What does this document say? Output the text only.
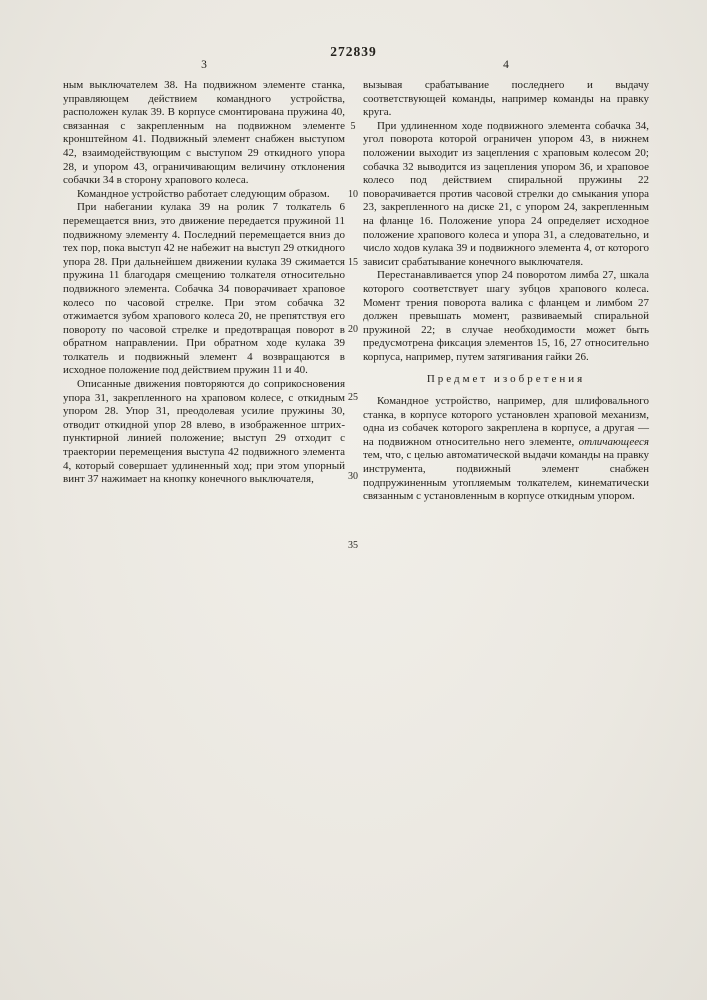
272839
3	4

ным выключателем 38. На подвижном элементе станка, управляющем действием командного устройства, расположен кулак 39. В корпусе смонтирована пружина 40, связанная с закрепленным на подвижном элементе кронштейном 41. Подвижный элемент снабжен выступом 42, взаимодействующим с выступом 29 откидного упора 28, и упором 43, ограничивающим величину отклонения собачки 34 в сторону храпового колеса.

Командное устройство работает следующим образом.

При набегании кулака 39 на ролик 7 толкатель 6 перемещается вниз, это движение передается пружиной 11 подвижному элементу 4. Последний перемещается вниз до тех пор, пока выступ 42 не набежит на выступ 29 откидного упора 28. При дальнейшем движении кулака 39 сжимается пружина 11 благодаря смещению толкателя относительно подвижного элемента. Собачка 34 поворачивает храповое колесо по часовой стрелке. При этом собачка 32 отжимается зубом храпового колеса 20, не препятствуя его повороту по часовой стрелке и предотвращая поворот в обратном направлении. При обратном ходе кулака 39 толкатель и подвижный элемент 4 возвращаются в исходное положение под действием пружин 11 и 40.

Описанные движения повторяются до соприкосновения упора 31, закрепленного на храповом колесе, с откидным упором 28. Упор 31, преодолевая усилие пружины 30, отводит откидной упор 28 влево, в изображенное штрих-пунктирной линией положение; выступ 29 отходит с траектории перемещения выступа 42 подвижного элемента 4, который совершает удлиненный ход; при этом упорный винт 37 нажимает на кнопку конечного выключателя,

5
10
15
20
25
30
35

вызывая срабатывание последнего и выдачу соответствующей команды, например команды на правку круга.

При удлиненном ходе подвижного элемента собачка 34, угол поворота которой ограничен упором 43, в нижнем положении выходит из зацепления с храповым колесом 20; собачка 32 выводится из зацепления упором 36, и храповое колесо под действием спиральной пружины 22 поворачивается против часовой стрелки до смыкания упора 23, закрепленного на диске 21, с упором 24, закрепленным на фланце 16. Положение упора 24 определяет исходное положение храпового колеса и упора 31, а следовательно, и число ходов кулака 39 и подвижного элемента 4, от которого зависит срабатывание конечного выключателя.

Перестанавливается упор 24 поворотом лимба 27, шкала которого соответствует шагу зубцов храпового колеса. Момент трения поворота валика с фланцем и лимбом 27 должен превышать момент, развиваемый спиральной пружиной 22; в случае необходимости может быть предусмотрена фиксация элементов 15, 16, 27 относительно корпуса, например, путем затягивания гайки 26.

Предмет изобретения

Командное устройство, например, для шлифовального станка, в корпусе которого установлен храповой механизм, одна из собачек которого закреплена в корпусе, а другая — на подвижном относительно него элементе, отличающееся тем, что, с целью автоматической выдачи команды на правку инструмента, подвижный элемент снабжен подпружиненным утопляемым толкателем, кинематически связанным с установленным в корпусе откидным упором.
